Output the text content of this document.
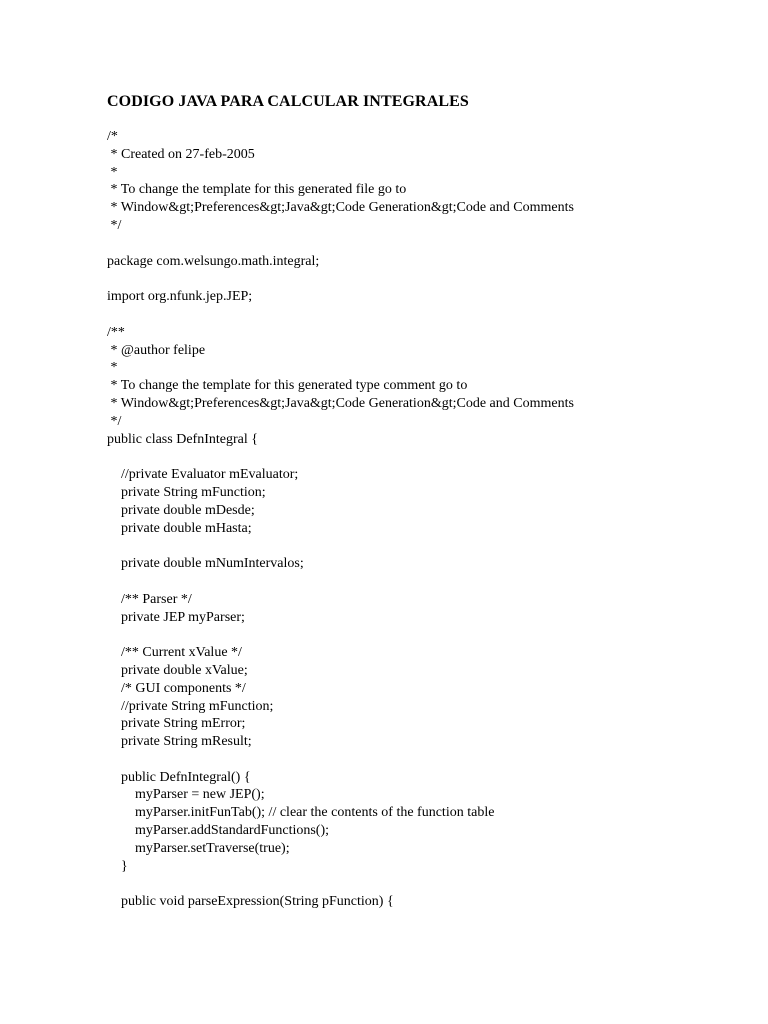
CODIGO JAVA PARA CALCULAR INTEGRALES
/*
* Created on 27-feb-2005
*
* To change the template for this generated file go to
* Window&gt;Preferences&gt;Java&gt;Code Generation&gt;Code and Comments
*/
package com.welsungo.math.integral;
import org.nfunk.jep.JEP;
/**
* @author felipe
*
* To change the template for this generated type comment go to
* Window&gt;Preferences&gt;Java&gt;Code Generation&gt;Code and Comments
*/
public class DefnIntegral {
//private Evaluator mEvaluator;
private String mFunction;
private double mDesde;
private double mHasta;
private double mNumIntervalos;
/** Parser */
private JEP myParser;
/** Current xValue */
private double xValue;
/* GUI components */
//private String mFunction;
private String mError;
private String mResult;
public DefnIntegral() {
myParser = new JEP();
myParser.initFunTab(); // clear the contents of the function table
myParser.addStandardFunctions();
myParser.setTraverse(true);
}
public void parseExpression(String pFunction) {
